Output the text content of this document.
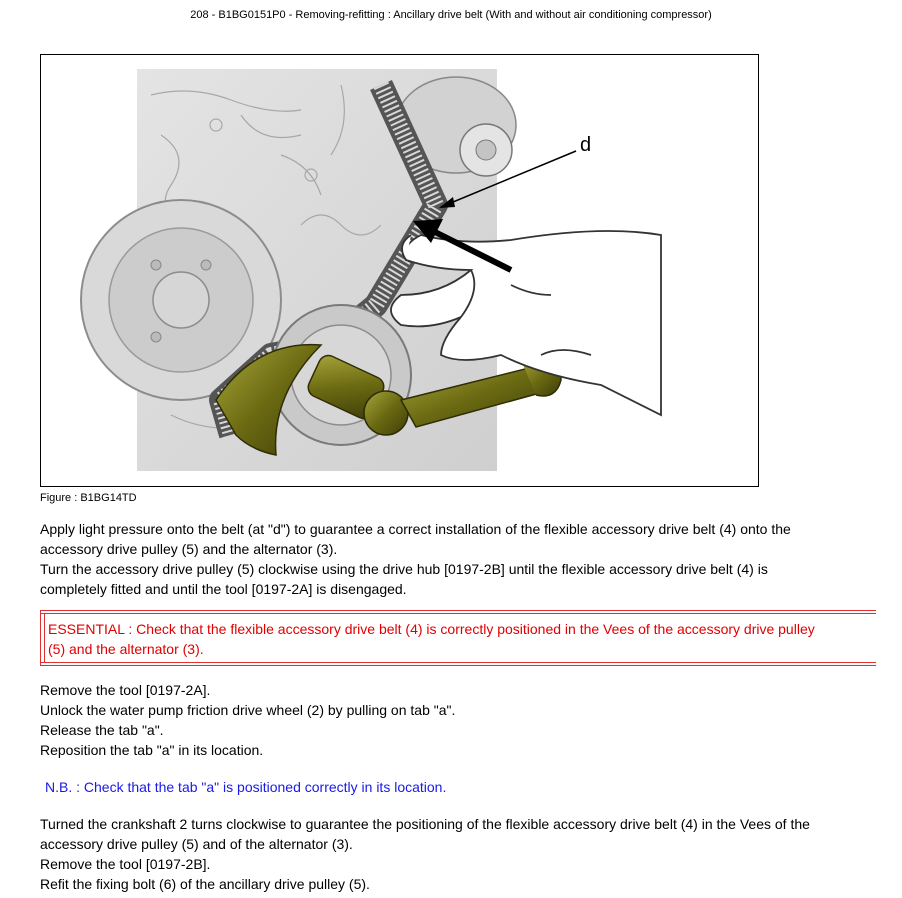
208 - B1BG0151P0 - Removing-refitting : Ancillary drive belt (With and without air conditioning compressor)
d
Figure : B1BG14TD
Apply light pressure onto the belt (at "d") to guarantee a correct installation of the flexible accessory drive belt (4) onto the
accessory drive pulley (5) and the alternator (3).
Turn the accessory drive pulley (5) clockwise using the drive hub [0197-2B] until the flexible accessory drive belt (4) is
completely fitted and until the tool [0197-2A] is disengaged.
ESSENTIAL : Check that the flexible accessory drive belt (4) is correctly positioned in the Vees of the accessory drive pulley
(5) and the alternator (3).
Remove the tool [0197-2A].
Unlock the water pump friction drive wheel (2) by pulling on tab "a".
Release the tab "a".
Reposition the tab "a" in its location.
N.B. : Check that the tab "a" is positioned correctly in its location.
Turned the crankshaft 2 turns clockwise to guarantee the positioning of the flexible accessory drive belt (4) in the Vees of the
accessory drive pulley (5) and of the alternator (3).
Remove the tool [0197-2B].
Refit the fixing bolt (6) of the ancillary drive pulley (5).
